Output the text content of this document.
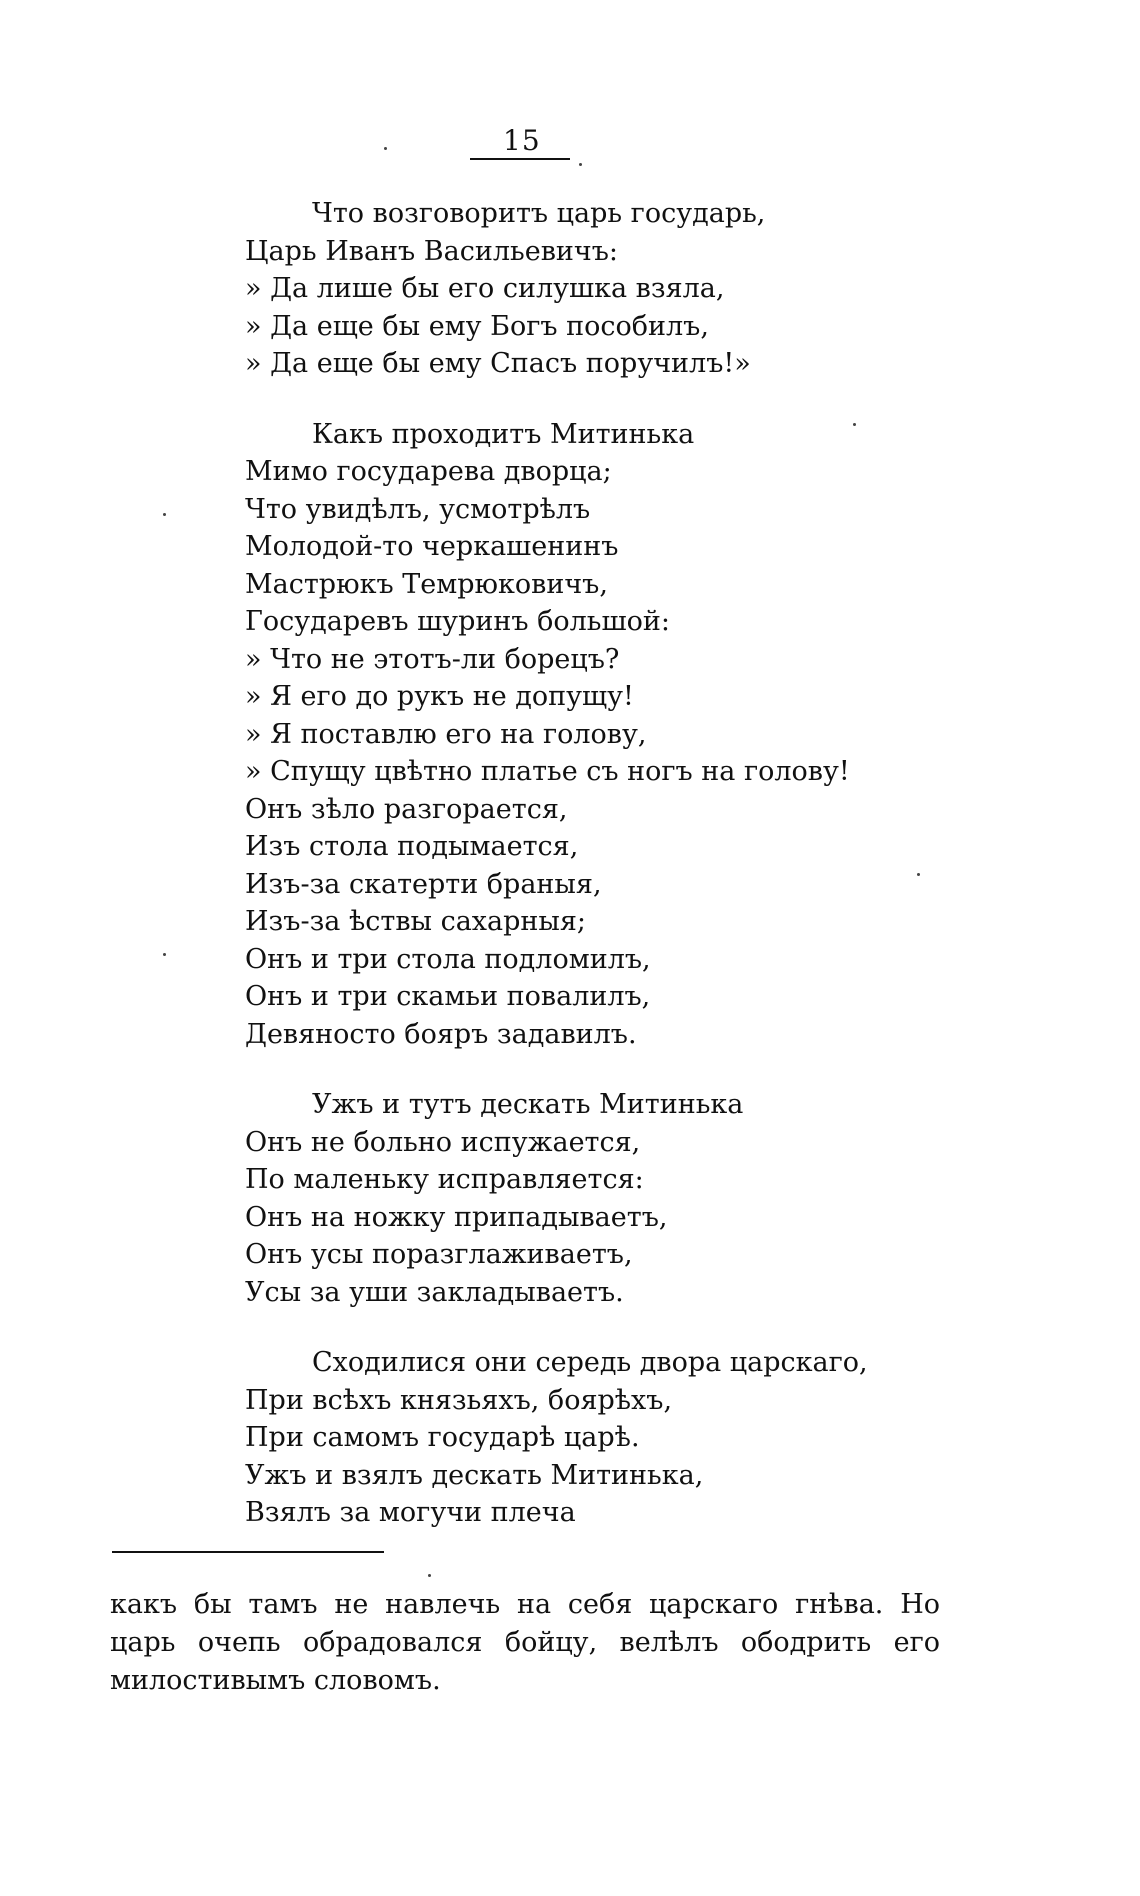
15
Что возговоритъ царь государь,
Царь Иванъ Васильевичъ:
» Да лише бы его силушка взяла,
» Да еще бы ему Богъ пособилъ,
» Да еще бы ему Спасъ поручилъ!»
Какъ проходитъ Митинька
Мимо государева дворца;
Что увидѣлъ, усмотрѣлъ
Молодой-то черкашенинъ
Мастрюкъ Темрюковичъ,
Государевъ шуринъ большой:
» Что не этотъ-ли борецъ?
» Я его до рукъ не допущу!
» Я поставлю его на голову,
» Спущу цвѣтно платье съ ногъ на голову!
Онъ зѣло разгорается,
Изъ стола подымается,
Изъ-за скатерти браныя,
Изъ-за ѣствы сахарныя;
Онъ и три стола подломилъ,
Онъ и три скамьи повалилъ,
Девяносто бояръ задавилъ.
Ужъ и тутъ дескать Митинька
Онъ не больно испужается,
По маленьку исправляется:
Онъ на ножку припадываетъ,
Онъ усы поразглаживаетъ,
Усы за уши закладываетъ.
Сходилися они середь двора царскаго,
При всѣхъ князьяхъ, боярѣхъ,
При самомъ государѣ царѣ.
Ужъ и взялъ дескать Митинька,
Взялъ за могучи плеча
какъ бы тамъ не навлечь на себя царскаго гнѣва. Но царь очепь обрадовался бойцу, велѣлъ ободрить его милостивымъ словомъ.
